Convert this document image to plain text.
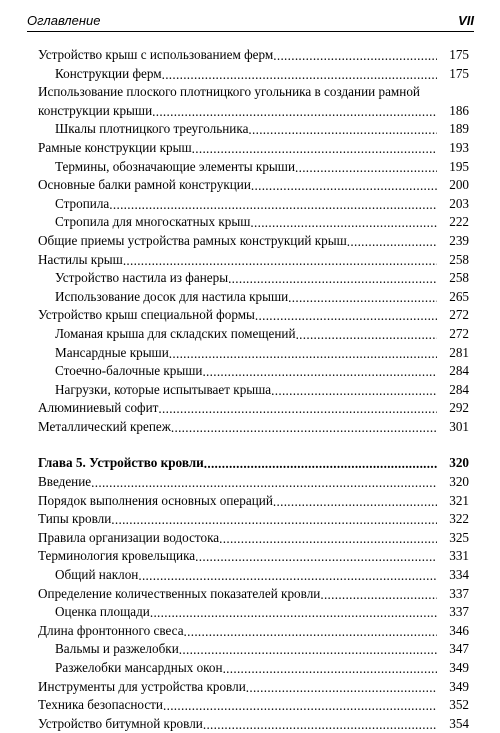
Оглавление	VII
Устройство крыш с использованием ферм .....	175
Конструкции ферм .....	175
Использование плоского плотницкого угольника в создании рамной
конструкции крыши .....	186
Шкалы плотницкого треугольника .....	189
Рамные конструкции крыш .....	193
Термины, обозначающие элементы крыши .....	195
Основные балки рамной конструкции .....	200
Стропила .....	203
Стропила для многоскатных крыш .....	222
Общие приемы устройства рамных конструкций крыш .....	239
Настилы крыш .....	258
Устройство настила из фанеры .....	258
Использование досок для настила крыши .....	265
Устройство крыш специальной формы .....	272
Ломаная крыша для складских помещений .....	272
Мансардные крыши .....	281
Стоечно-балочные крыши .....	284
Нагрузки, которые испытывает крыша .....	284
Алюминиевый софит .....	292
Металлический крепеж .....	301
Глава 5. Устройство кровли .....	320
Введение .....	320
Порядок выполнения основных операций .....	321
Типы кровли .....	322
Правила организации водостока .....	325
Терминология кровельщика .....	331
Общий наклон .....	334
Определение количественных показателей кровли .....	337
Оценка площади .....	337
Длина фронтонного свеса .....	346
Вальмы и разжелобки .....	347
Разжелобки мансардных окон .....	349
Инструменты для устройства кровли .....	349
Техника безопасности .....	352
Устройство битумной кровли .....	354
